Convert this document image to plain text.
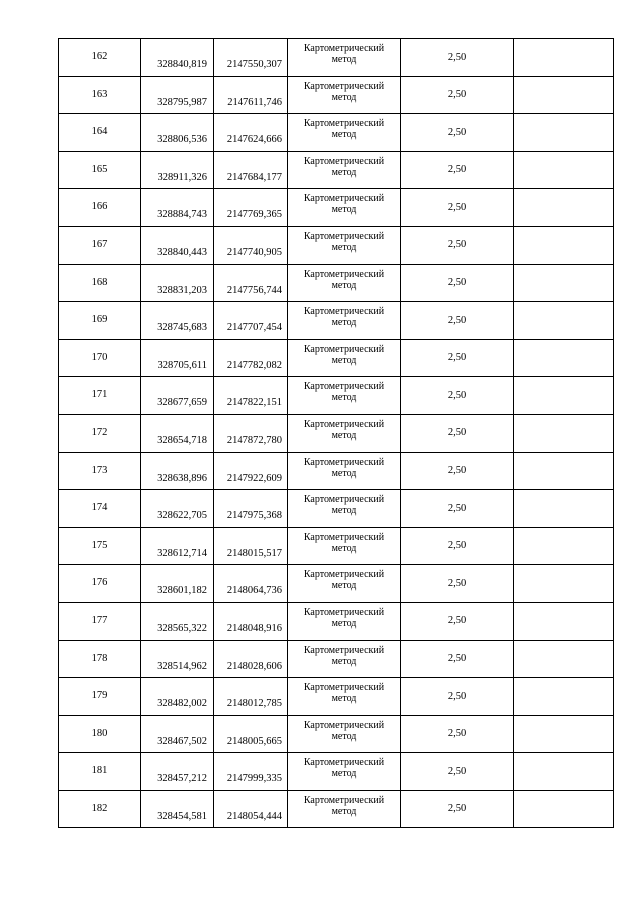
162	328840,819	2147550,307	Картометрический
метод	2,50	
163	328795,987	2147611,746	Картометрический
метод	2,50	
164	328806,536	2147624,666	Картометрический
метод	2,50	
165	328911,326	2147684,177	Картометрический
метод	2,50	
166	328884,743	2147769,365	Картометрический
метод	2,50	
167	328840,443	2147740,905	Картометрический
метод	2,50	
168	328831,203	2147756,744	Картометрический
метод	2,50	
169	328745,683	2147707,454	Картометрический
метод	2,50	
170	328705,611	2147782,082	Картометрический
метод	2,50	
171	328677,659	2147822,151	Картометрический
метод	2,50	
172	328654,718	2147872,780	Картометрический
метод	2,50	
173	328638,896	2147922,609	Картометрический
метод	2,50	
174	328622,705	2147975,368	Картометрический
метод	2,50	
175	328612,714	2148015,517	Картометрический
метод	2,50	
176	328601,182	2148064,736	Картометрический
метод	2,50	
177	328565,322	2148048,916	Картометрический
метод	2,50	
178	328514,962	2148028,606	Картометрический
метод	2,50	
179	328482,002	2148012,785	Картометрический
метод	2,50	
180	328467,502	2148005,665	Картометрический
метод	2,50	
181	328457,212	2147999,335	Картометрический
метод	2,50	
182	328454,581	2148054,444	Картометрический
метод	2,50	
